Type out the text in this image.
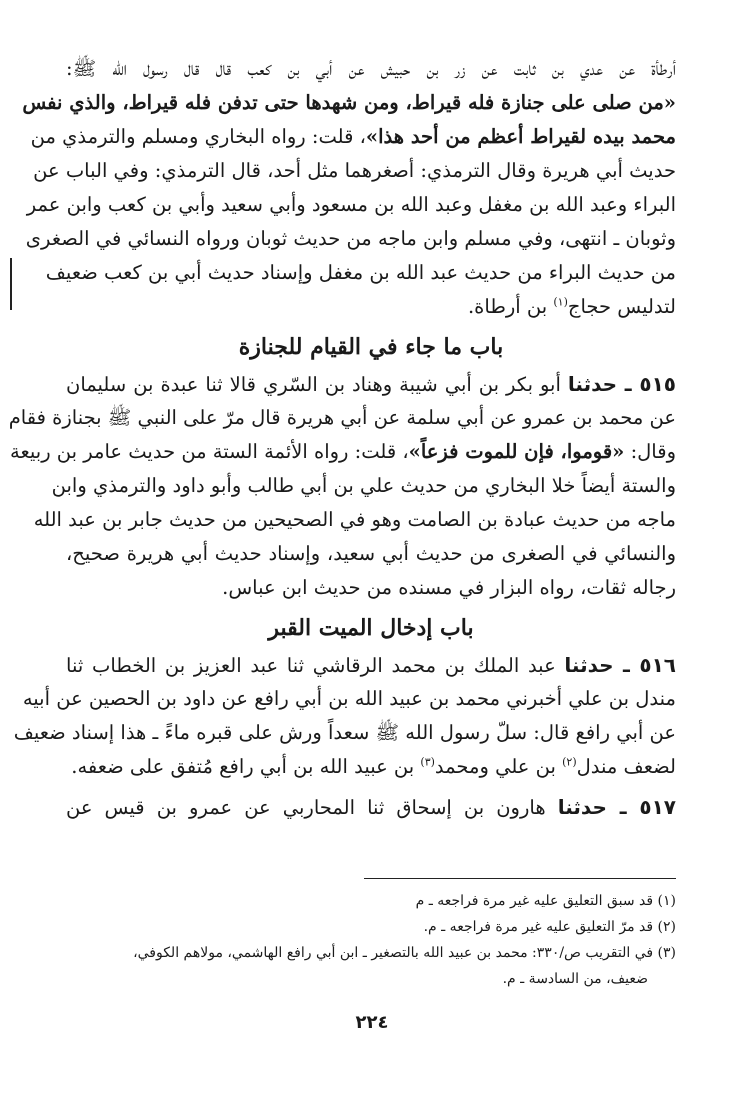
أرطأة عن عدي بن ثابت عن زر بن حبيش عن أبي بن كعب قال قال رسول الله ﷺ:
«من صلى على جنازة فله قيراط، ومن شهدها حتى تدفن فله قيراط، والذي نفس
محمد بيده لقيراط أعظم من أحد هذا»، قلت: رواه البخاري ومسلم والترمذي من
حديث أبي هريرة وقال الترمذي: أصغرهما مثل أحد، قال الترمذي: وفي الباب عن
البراء وعبد الله بن مغفل وعبد الله بن مسعود وأبي سعيد وأبي بن كعب وابن عمر
وثوبان ـ انتهى، وفي مسلم وابن ماجه من حديث ثوبان ورواه النسائي في الصغرى
من حديث البراء من حديث عبد الله بن مغفل وإسناد حديث أبي بن كعب ضعيف
لتدليس حجاج$^{(١)}$ بن أرطاة.
باب ما جاء في القيام للجنازة
٥١٥ ـ حدثنا أبو بكر بن أبي شيبة وهناد بن السّري قالا ثنا عبدة بن سليمان
عن محمد بن عمرو عن أبي سلمة عن أبي هريرة قال مرّ على النبي ﷺ بجنازة فقام
وقال: «قوموا، فإن للموت فزعاً»، قلت: رواه الأئمة الستة من حديث عامر بن ربيعة
والستة أيضاً خلا البخاري من حديث علي بن أبي طالب وأبو داود والترمذي وابن
ماجه من حديث عبادة بن الصامت وهو في الصحيحين من حديث جابر بن عبد الله
والنسائي في الصغرى من حديث أبي سعيد، وإسناد حديث أبي هريرة صحيح،
رجاله ثقات، رواه البزار في مسنده من حديث ابن عباس.
باب إدخال الميت القبر
٥١٦ ـ حدثنا عبد الملك بن محمد الرقاشي ثنا عبد العزيز بن الخطاب ثنا
مندل بن علي أخبرني محمد بن عبيد الله بن أبي رافع عن داود بن الحصين عن أبيه
عن أبي رافع قال: سلّ رسول الله ﷺ سعداً ورش على قبره ماءً ـ هذا إسناد ضعيف
لضعف مندل$^{(٢)}$ بن علي ومحمد$^{(٣)}$ بن عبيد الله بن أبي رافع مُتفق على ضعفه.
٥١٧ ـ حدثنا هارون بن إسحاق ثنا المحاربي عن عمرو بن قيس عن
(١) قد سبق التعليق عليه غير مرة فراجعه ـ م
(٢) قد مرّ التعليق عليه غير مرة فراجعه ـ م.
(٣) في التقريب ص/٣٣٠: محمد بن عبيد الله بالتصغير ـ ابن أبي رافع الهاشمي، مولاهم الكوفي،
ضعيف، من السادسة ـ م.
٢٢٤
